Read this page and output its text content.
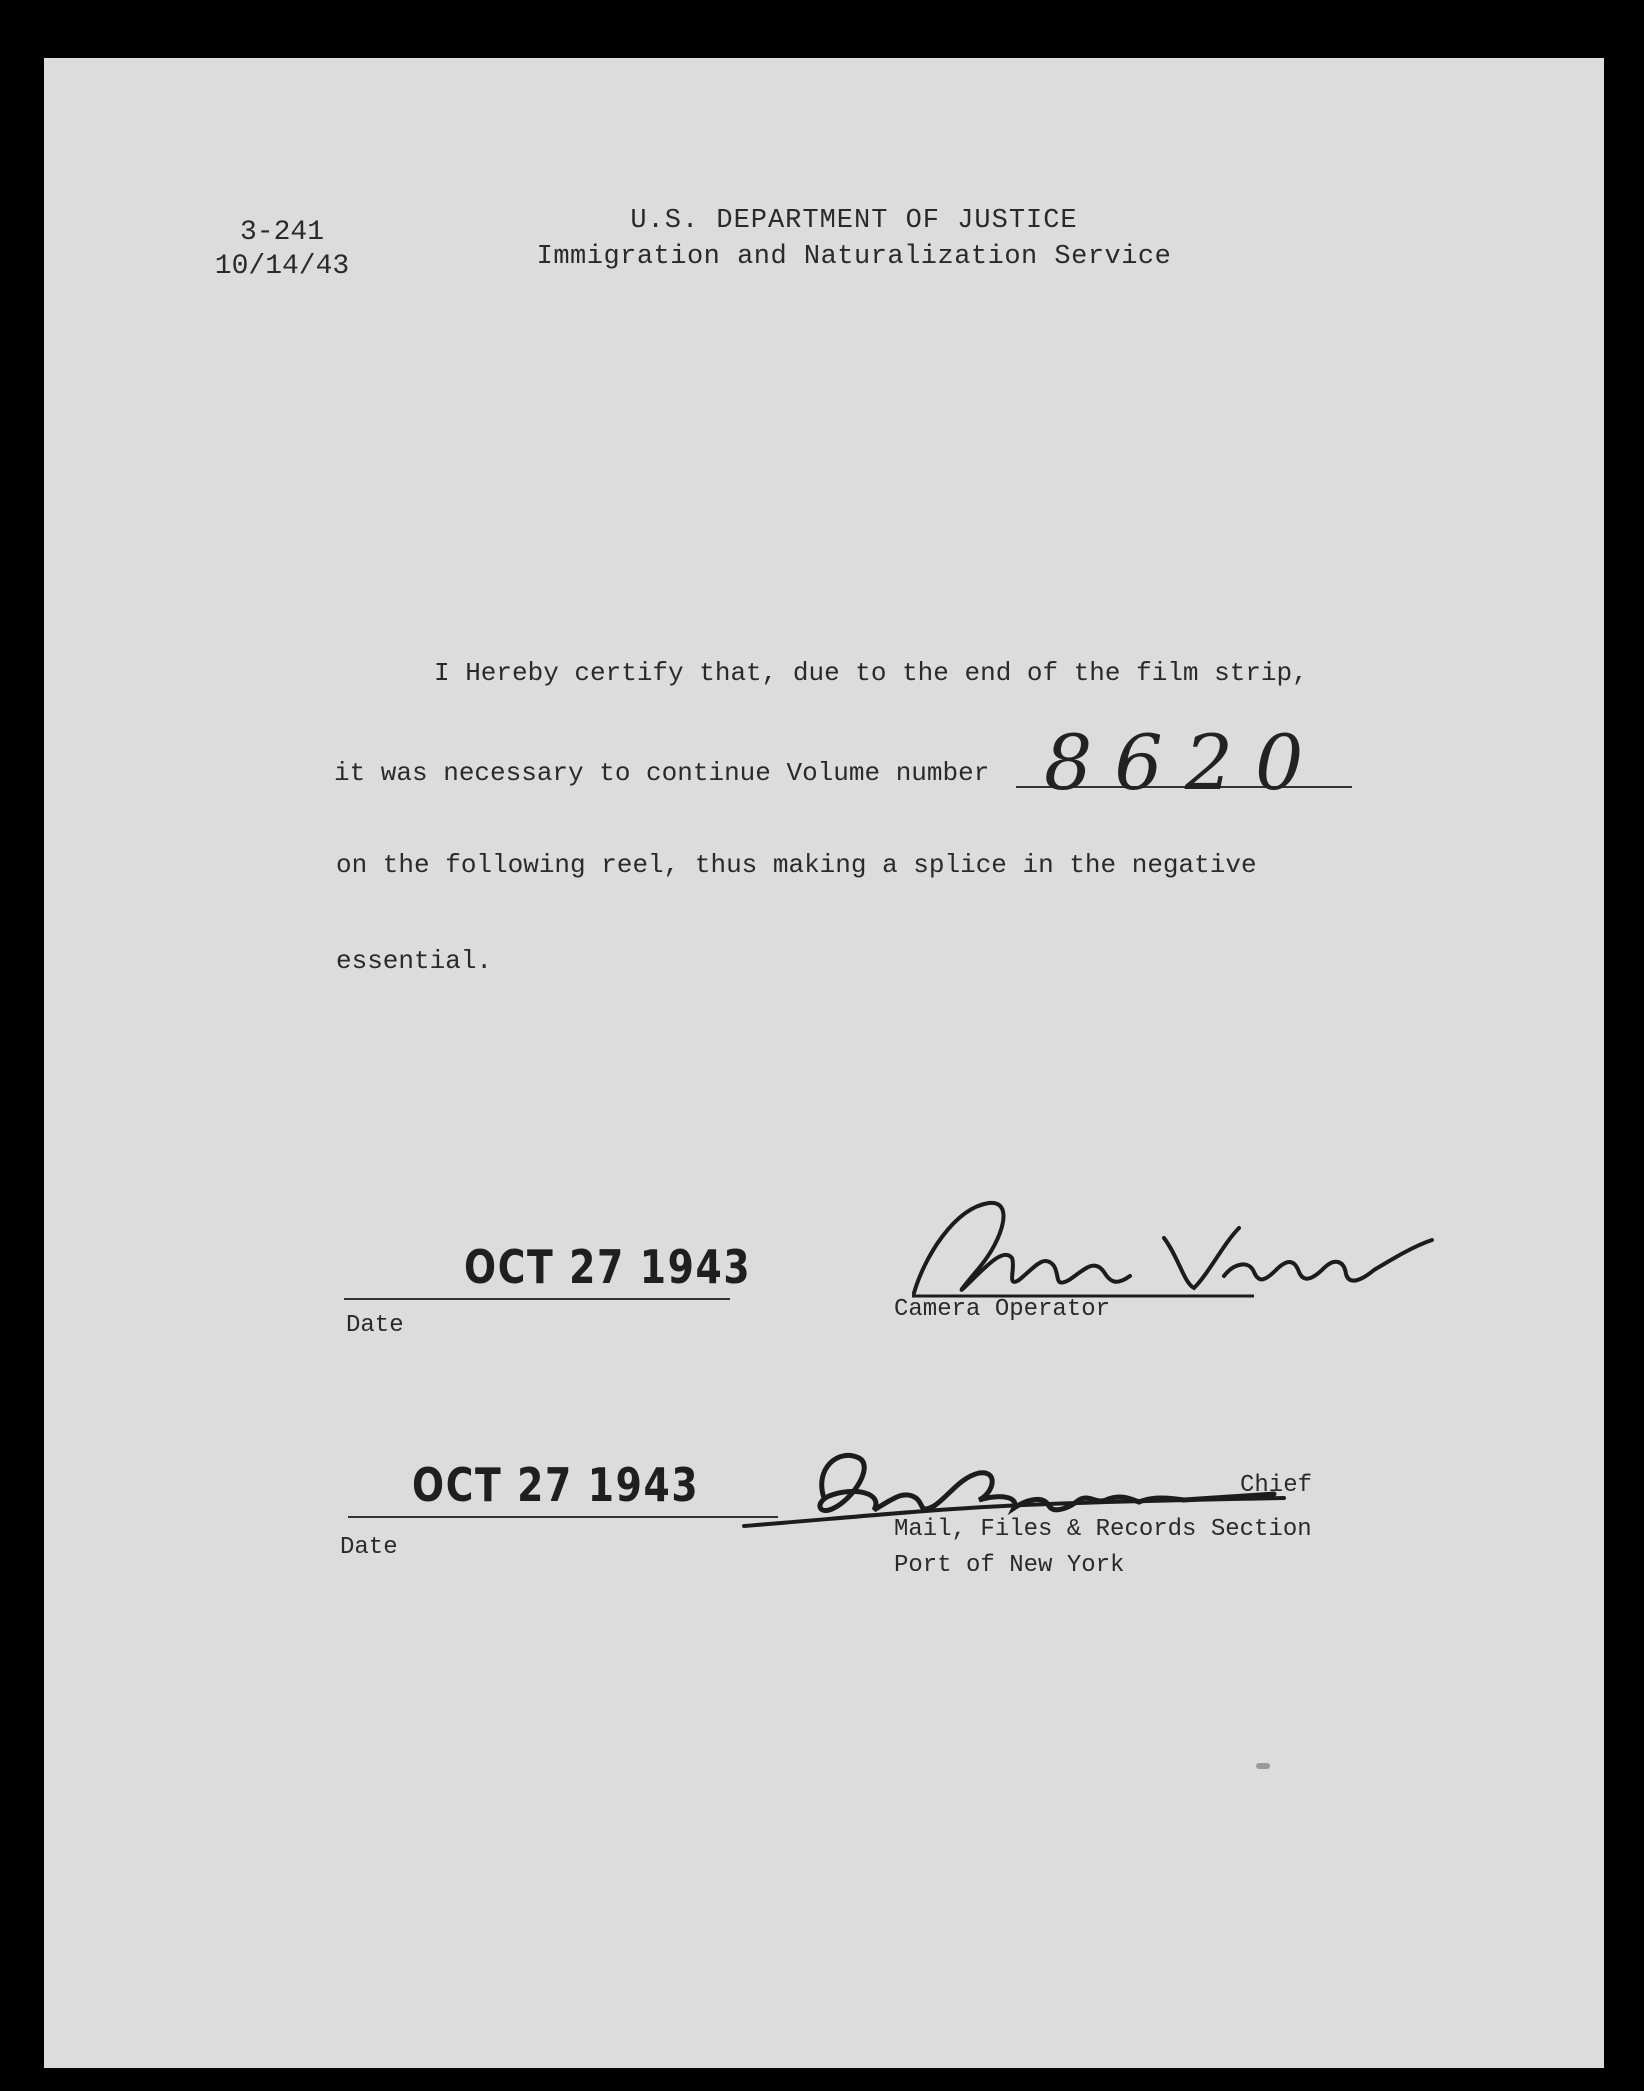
3-241
10/14/43
U.S. DEPARTMENT OF JUSTICE
Immigration and Naturalization Service
I Hereby certify that, due to the end of the film strip,
it was necessary to continue Volume number 8620
on the following reel, thus making a splice in the negative
essential.
OCT 27 1943
Date
Camera Operator
OCT 27 1943
Date
Chief
Mail, Files & Records Section
Port of New York
